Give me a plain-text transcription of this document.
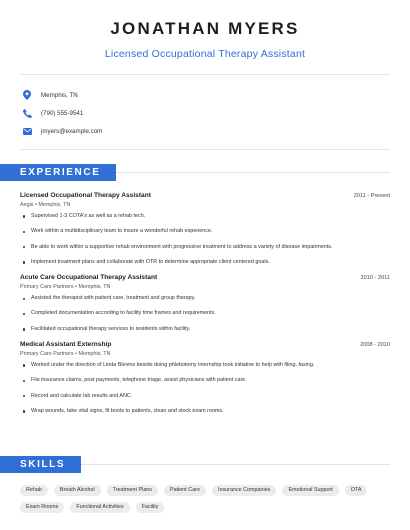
JONATHAN MYERS
Licensed Occupational Therapy Assistant
Memphis, TN
(790) 555-9541
jmyers@example.com
EXPERIENCE
Licensed Occupational Therapy Assistant	2011 - Present
Aegis • Memphis, TN
Supervised 1-3 COTA's as well as a rehab tech.
Work within a multidisciplinary team to insure a wonderful rehab experience.
Be able to work within a supportive rehab environment with progressive treatment to address a variety of disease impairments.
Implement treatment plans and collaborate with OTR to determine appropriate client centered goals.
Acute Care Occupational Therapy Assistant	2010 - 2011
Primary Care Partners • Memphis, TN
Assisted the therapist with patient care, treatment and group therapy.
Completed documentation according to facility time frames and requirements.
Facilitated occupational therapy services to residents within facility.
Medical Assistant Externship	2008 - 2010
Primary Care Partners • Memphis, TN
Worked under the direction of Linda Blevins beside doing phlebotomy internship took initiative to help with filing, faxing.
File insurance claims, post payments, telephone triage, assist physicians with patient care.
Record and calculate lab results and ANC.
Wrap wounds, take vital signs, fit boots to patients, clean and stock exam rooms.
SKILLS
Rehab	Breath Alcohol	Treatment Plans	Patient Care	Insurance Companies	Emotional Support	OTA
Exam Rooms	Functional Activities	Facility
